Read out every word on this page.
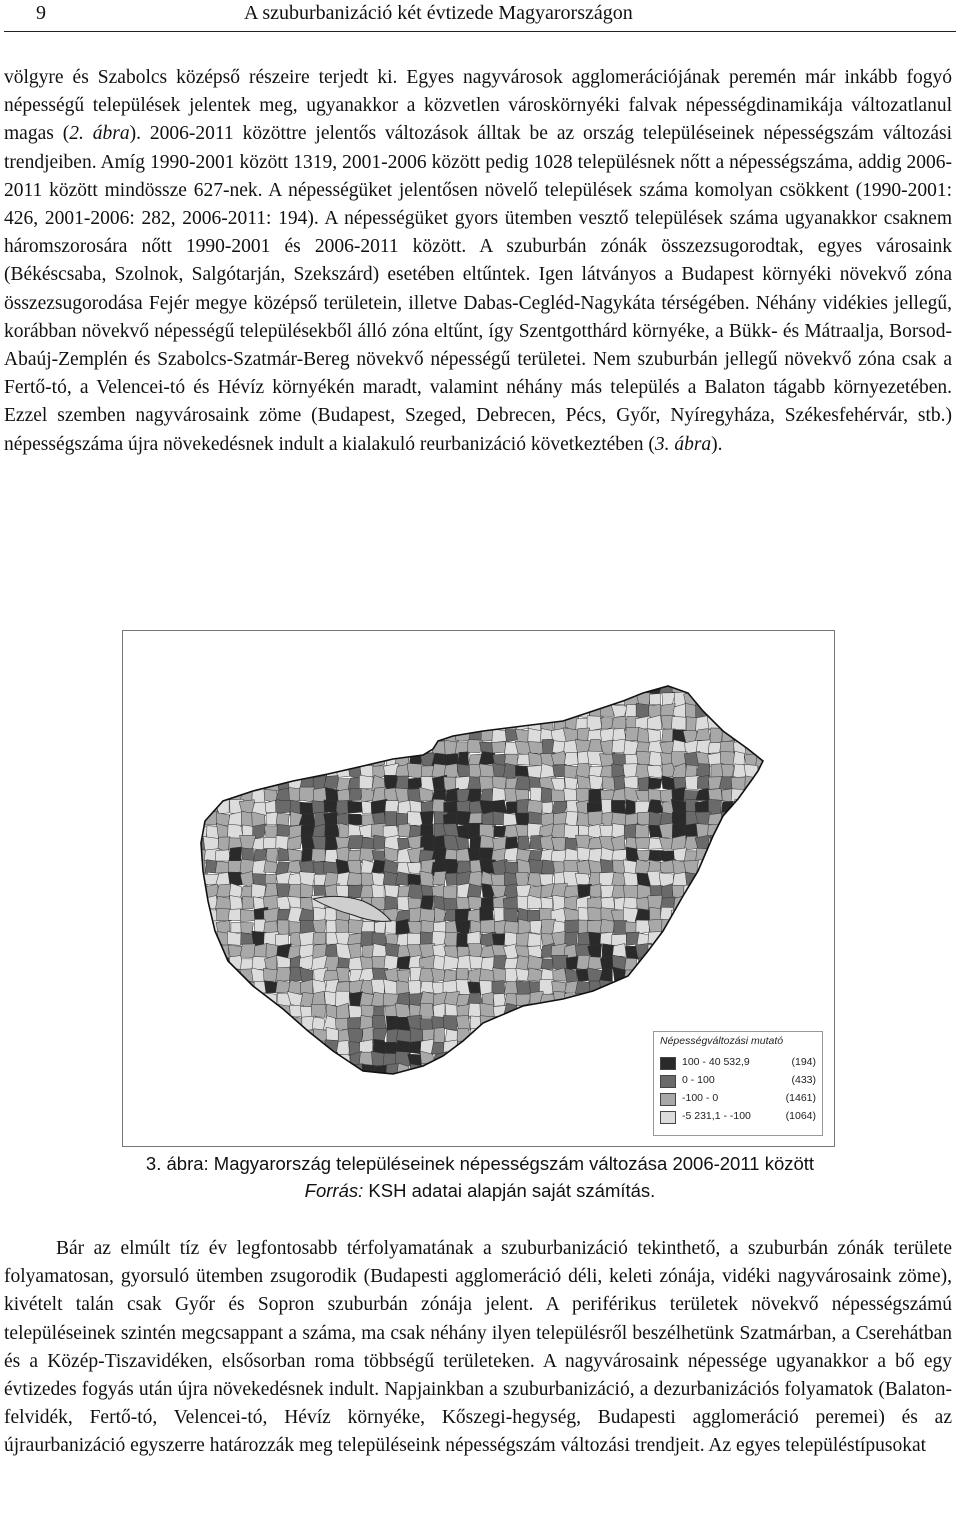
9	A szuburbanizáció két évtizede Magyarországon

völgyre és Szabolcs középső részeire terjedt ki. Egyes nagyvárosok agglomerációjának peremén már inkább fogyó népességű települések jelentek meg, ugyanakkor a közvetlen városkörnyéki falvak népességdinamikája változatlanul magas (2. ábra). 2006-2011 közöttre jelentős változások álltak be az ország településeinek népességszám változási trendjeiben. Amíg 1990-2001 között 1319, 2001-2006 között pedig 1028 településnek nőtt a népességszáma, addig 2006-2011 között mindössze 627-nek. A népességüket jelentősen növelő települések száma komolyan csökkent (1990-2001: 426, 2001-2006: 282, 2006-2011: 194). A népességüket gyors ütemben vesztő települések száma ugyanakkor csaknem háromszorosára nőtt 1990-2001 és 2006-2011 között. A szuburbán zónák összezsugorodtak, egyes városaink (Békéscsaba, Szolnok, Salgótarján, Szekszárd) esetében eltűntek. Igen látványos a Budapest környéki növekvő zóna összezsugorodása Fejér megye középső területein, illetve Dabas-Cegléd-Nagykáta térségében. Néhány vidékies jellegű, korábban növekvő népességű településekből álló zóna eltűnt, így Szentgotthárd környéke, a Bükk- és Mátraalja, Borsod-Abaúj-Zemplén és Szabolcs-Szatmár-Bereg növekvő népességű területei. Nem szuburbán jellegű növekvő zóna csak a Fertő-tó, a Velencei-tó és Hévíz környékén maradt, valamint néhány más település a Balaton tágabb környezetében. Ezzel szemben nagyvárosaink zöme (Budapest, Szeged, Debrecen, Pécs, Győr, Nyíregyháza, Székesfehérvár, stb.) népességszáma újra növekedésnek indult a kialakuló reurbanizáció következtében (3. ábra).

Népességváltozási mutató
100 - 40 532,9	(194)
0 - 100	(433)
-100 - 0	(1461)
-5 231,1 - -100	(1064)
3. ábra: Magyarország településeinek népességszám változása 2006-2011 között
Forrás: KSH adatai alapján saját számítás.

Bár az elmúlt tíz év legfontosabb térfolyamatának a szuburbanizáció tekinthető, a szuburbán zónák területe folyamatosan, gyorsuló ütemben zsugorodik (Budapesti agglomeráció déli, keleti zónája, vidéki nagyvárosaink zöme), kivételt talán csak Győr és Sopron szuburbán zónája jelent. A periférikus területek növekvő népességszámú településeinek szintén megcsappant a száma, ma csak néhány ilyen településről beszélhetünk Szatmárban, a Cserehátban és a Közép-Tiszavidéken, elsősorban roma többségű területeken. A nagyvárosaink népessége ugyanakkor a bő egy évtizedes fogyás után újra növekedésnek indult. Napjainkban a szuburbanizáció, a dezurbanizációs folyamatok (Balaton-felvidék, Fertő-tó, Velencei-tó, Hévíz környéke, Kőszegi-hegység, Budapesti agglomeráció peremei) és az újraurbanizáció egyszerre határozzák meg településeink népességszám változási trendjeit. Az egyes településtípusokat
